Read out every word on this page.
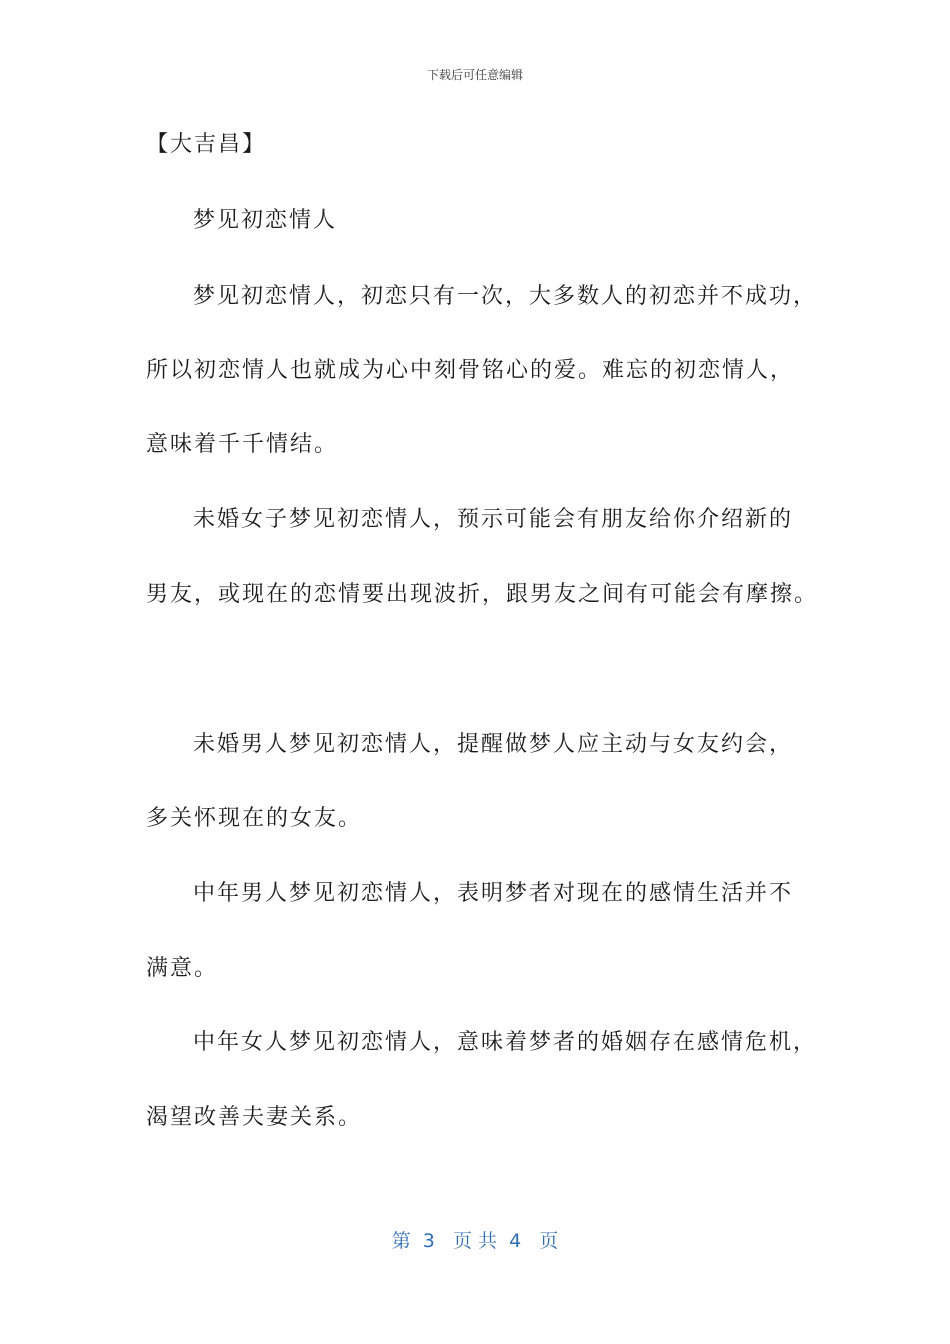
下载后可任意编辑
【大吉昌】
梦见初恋情人
梦见初恋情人，初恋只有一次，大多数人的初恋并不成功，
所以初恋情人也就成为心中刻骨铭心的爱。难忘的初恋情人，
意味着千千情结。
未婚女子梦见初恋情人，预示可能会有朋友给你介绍新的
男友，或现在的恋情要出现波折，跟男友之间有可能会有摩擦。
未婚男人梦见初恋情人，提醒做梦人应主动与女友约会，
多关怀现在的女友。
中年男人梦见初恋情人，表明梦者对现在的感情生活并不
满意。
中年女人梦见初恋情人，意味着梦者的婚姻存在感情危机，
渴望改善夫妻关系。
第  3   页 共  4   页
